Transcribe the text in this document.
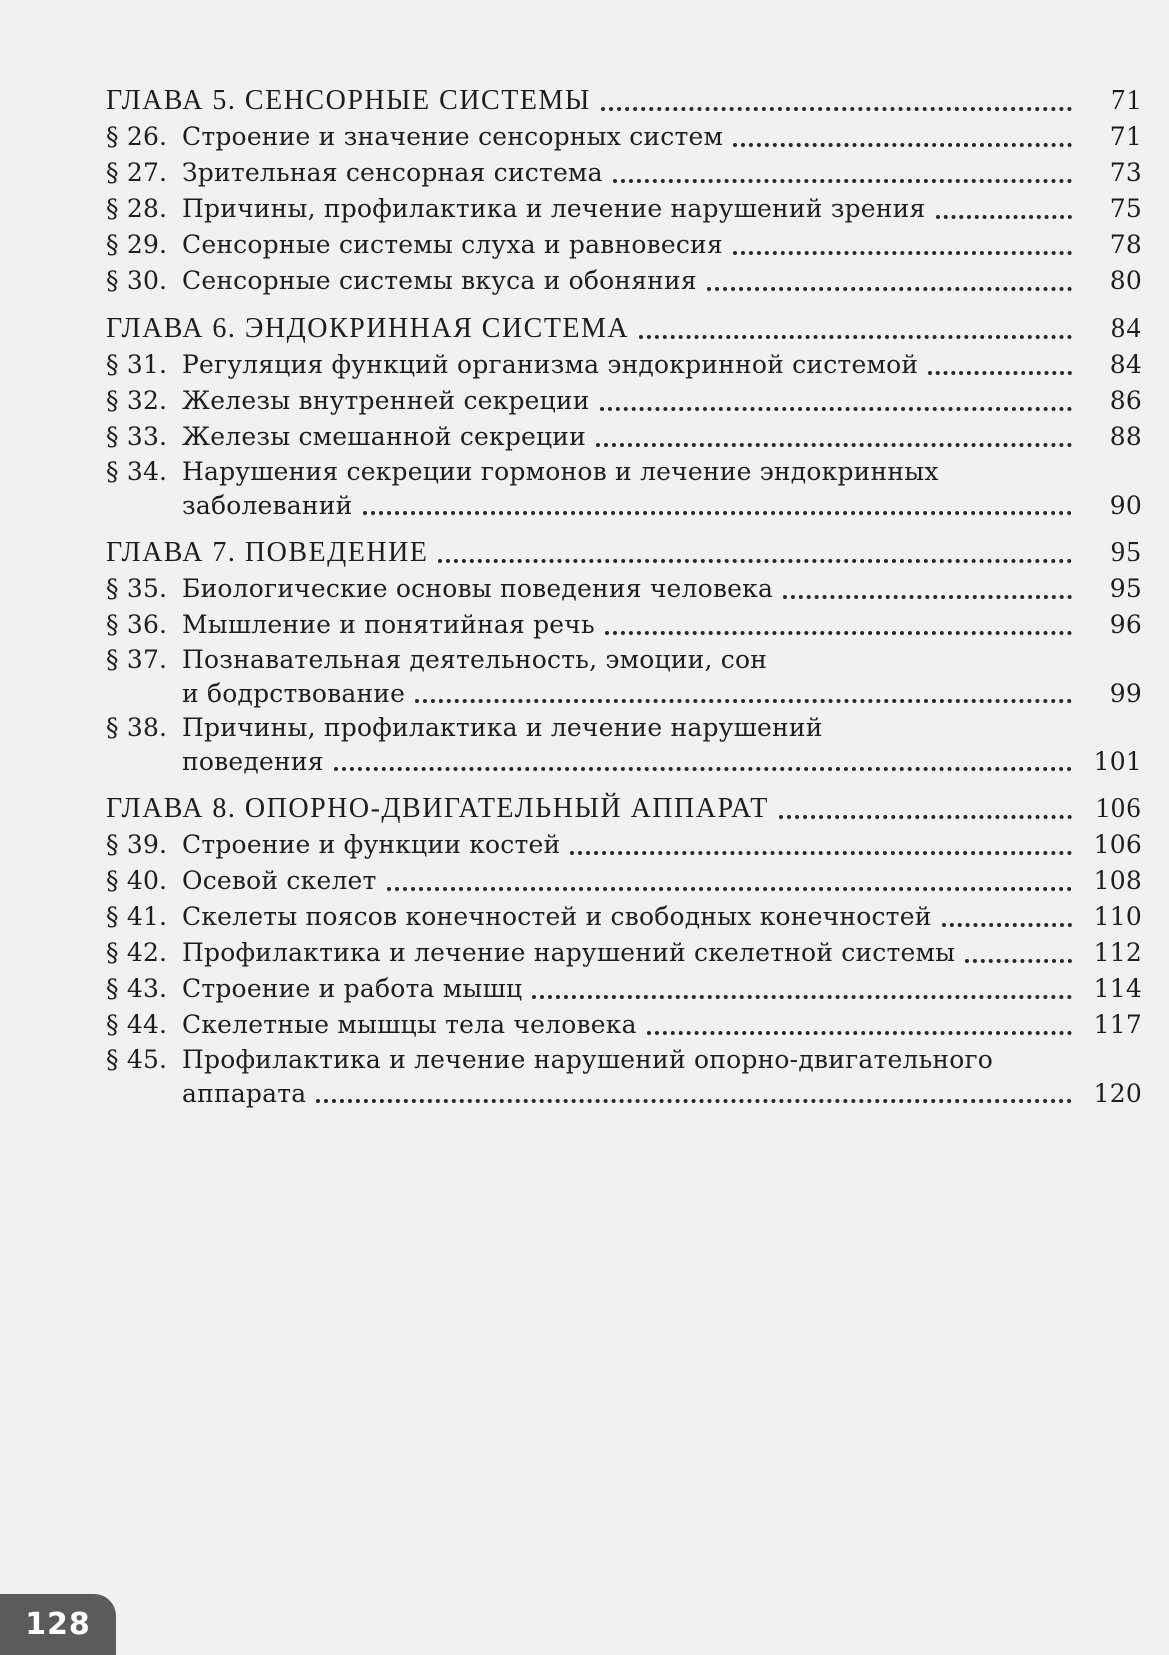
ГЛАВА 5. СЕНСОРНЫЕ СИСТЕМЫ	71
§ 26. Строение и значение сенсорных систем	71
§ 27. Зрительная сенсорная система	73
§ 28. Причины, профилактика и лечение нарушений зрения	75
§ 29. Сенсорные системы слуха и равновесия	78
§ 30. Сенсорные системы вкуса и обоняния	80
ГЛАВА 6. ЭНДОКРИННАЯ СИСТЕМА	84
§ 31. Регуляция функций организма эндокринной системой	84
§ 32. Железы внутренней секреции	86
§ 33. Железы смешанной секреции	88
§ 34. Нарушения секреции гормонов и лечение эндокринных
заболеваний	90
ГЛАВА 7. ПОВЕДЕНИЕ	95
§ 35. Биологические основы поведения человека	95
§ 36. Мышление и понятийная речь	96
§ 37. Познавательная деятельность, эмоции, сон
и бодрствование	99
§ 38. Причины, профилактика и лечение нарушений
поведения	101
ГЛАВА 8. ОПОРНО-ДВИГАТЕЛЬНЫЙ АППАРАТ	106
§ 39. Строение и функции костей	106
§ 40. Осевой скелет	108
§ 41. Скелеты поясов конечностей и свободных конечностей	110
§ 42. Профилактика и лечение нарушений скелетной системы	112
§ 43. Строение и работа мышц	114
§ 44. Скелетные мышцы тела человека	117
§ 45. Профилактика и лечение нарушений опорно-двигательного
аппарата	120
128
